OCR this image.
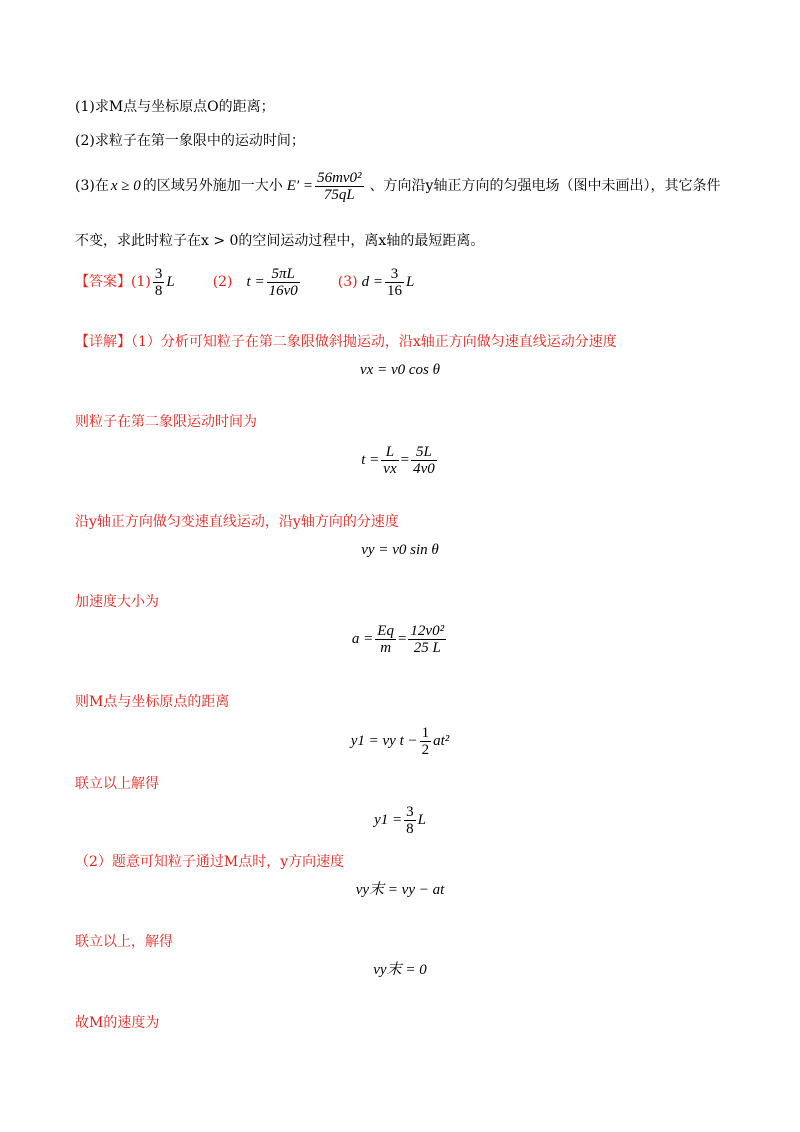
(1)求M点与坐标原点O的距离；
(2)求粒子在第一象限中的运动时间；
(3)在 x ≥ 0 的区域另外施加一大小 $E' = \frac{\text{56mv0²}}{75qL}$ 、方向沿y轴正方向的匀强电场（图中未画出），其它条件
不变，求此时粒子在x > 0的空间运动过程中，离x轴的最短距离。
【答案】 $(1) \frac{3}{8}$ L	(2) $t = \frac{5\pi L}{16v0}$	(3) $d = \frac{3}{16}$ L
【详解】（1）分析可知粒子在第二象限做斜抛运动，沿x轴正方向做匀速直线运动分速度
vx = v0 cos θ
则粒子在第二象限运动时间为
$t = \frac{L}{vx} = \frac{5L}{4v0}$
沿y轴正方向做匀变速直线运动，沿y轴方向的分速度
vy = v0 sin θ
加速度大小为
$a = \frac{Eq}{m} = \frac{\text{12v0²}}{25 L}$
则M点与坐标原点的距离
y1 = vy $t - \frac{1}{2} at^2$
联立以上解得
$y1 = \frac{3}{8}$ L
（2）题意可知粒子通过M点时，y方向速度
vy末 = vy − at
联立以上，解得
vy末 = 0
故M的速度为
